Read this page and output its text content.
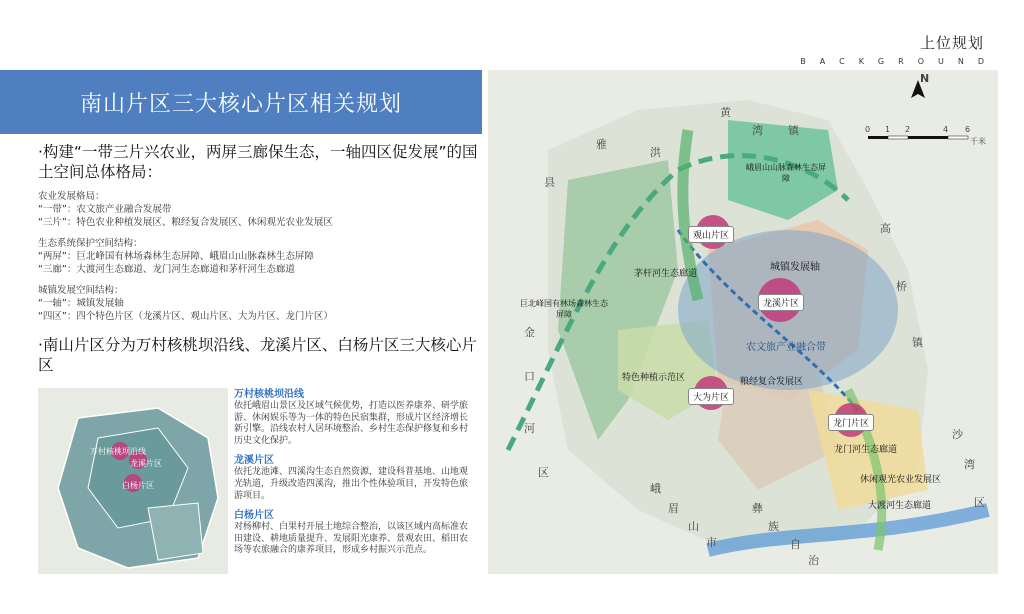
上位规划
BACKGROUND
南山片区三大核心片区相关规划
·构建“一带三片兴农业，两屏三廊保生态，一轴四区促发展”的国土空间总体格局：
农业发展格局：
“一带”：农文旅产业融合发展带
“三片”：特色农业种植发展区、粮经复合发展区、休闲观光农业发展区
生态系统保护空间结构：
“两屏”：巨北峰国有林场森林生态屏障、峨眉山山脉森林生态屏障
“三廊”：大渡河生态廊道、龙门河生态廊道和茅杆河生态廊道
城镇发展空间结构：
“一轴”：城镇发展轴
“四区”：四个特色片区（龙溪片区、观山片区、大为片区、龙门片区）
·南山片区分为万村核桃坝沿线、龙溪片区、白杨片区三大核心片区
万村核桃坝沿线
龙溪片区
白杨片区
万村核桃坝沿线
依托峨眉山景区及区域气候优势，打造以医养康养、研学旅游、休闲娱乐等为一体的特色民宿集群，形成片区经济增长新引擎。沿线农村人居环境整治、乡村生态保护修复和乡村历史文化保护。
龙溪片区
依托龙池滩、四溪沟生态自然资源，建设科普基地、山地观光轨道，升级改造四溪沟，推出个性体验项目，开发特色旅游项目。
白杨片区
对杨柳村、白果村开展土地综合整治，以该区域内高标准农田建设、耕地质量提升、发展阳光康养、景观农田、稻田农场等农旅融合的康养项目，形成乡村振兴示范点。
N
0 1 2	4 6
千米
雅
洪
黄
湾 镇
县
高
桥
镇
金
口
河
区
峨
眉
山
市
彝
族
自
治
沙
湾
区
观山片区
龙溪片区
大为片区
龙门片区
峨眉山山脉森林生态屏障
巨北峰国有林场森林生态屏障
特色种植示范区	粮经复合发展区
休闲观光农业发展区
城镇发展轴
农文旅产业融合带
茅杆河生态廊道
龙门河生态廊道
大渡河生态廊道
